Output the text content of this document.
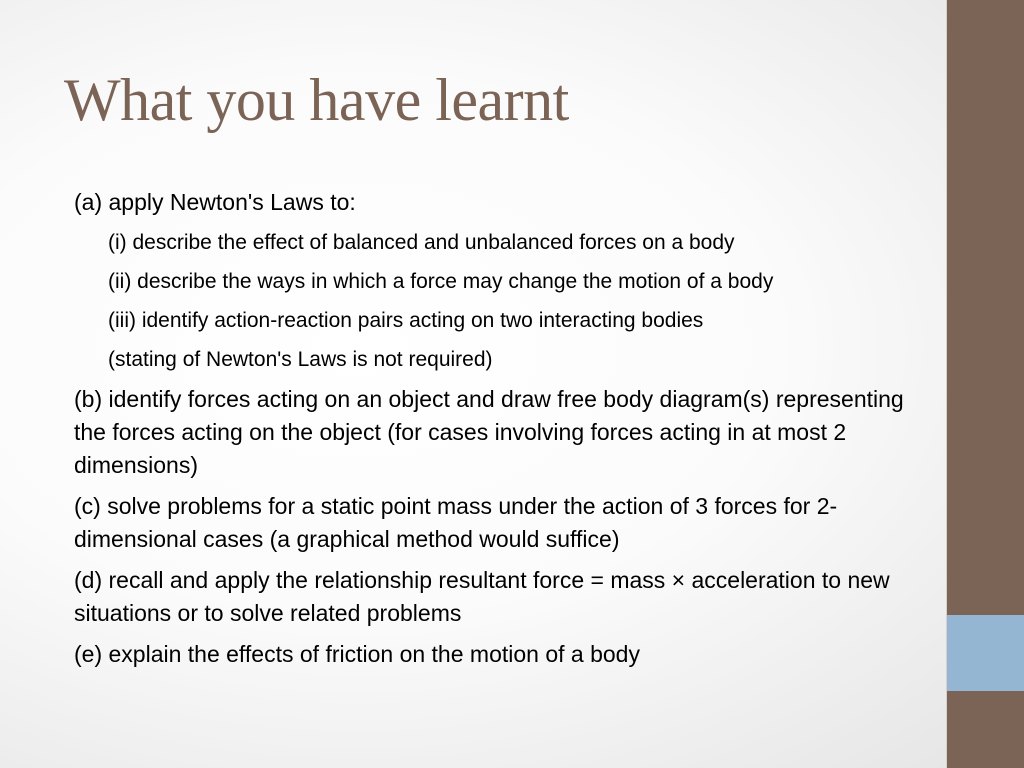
What you have learnt

(a) apply Newton's Laws to:

(i) describe the effect of balanced and unbalanced forces on a body

(ii) describe the ways in which a force may change the motion of a body

(iii) identify action-reaction pairs acting on two interacting bodies

(stating of Newton's Laws is not required)

(b) identify forces acting on an object and draw free body diagram(s) representing the forces acting on the object (for cases involving forces acting in at most 2 dimensions)

(c) solve problems for a static point mass under the action of 3 forces for 2-dimensional cases (a graphical method would suffice)

(d) recall and apply the relationship resultant force = mass × acceleration to new situations or to solve related problems

(e) explain the effects of friction on the motion of a body
